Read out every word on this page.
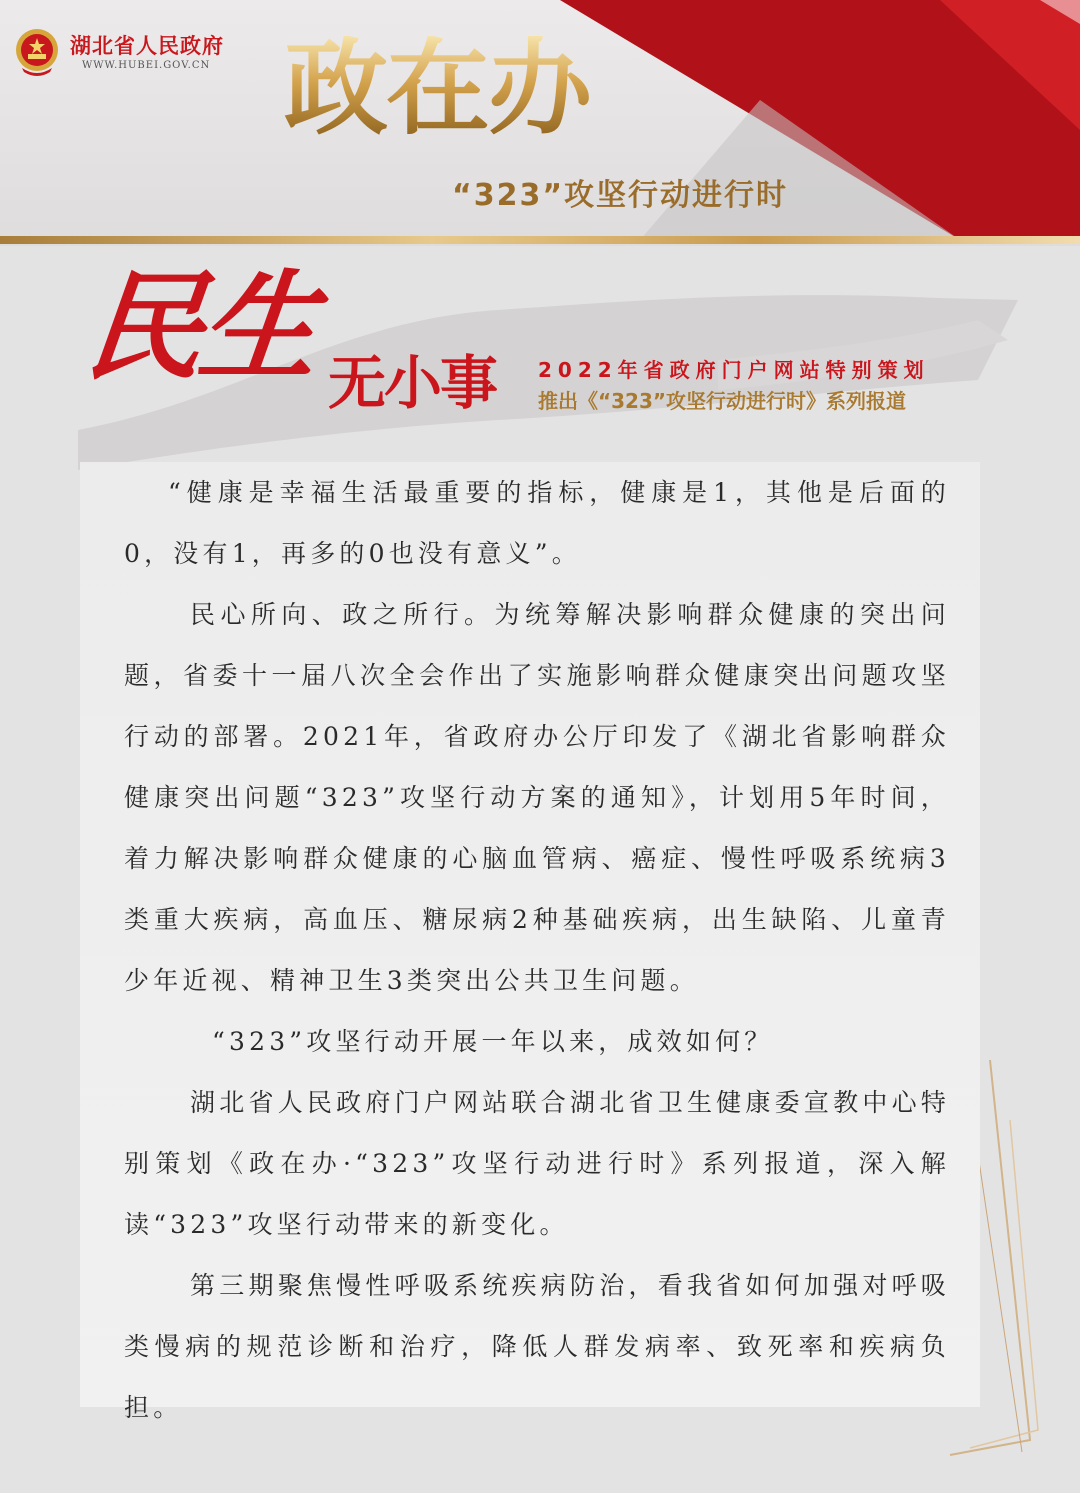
湖北省人民政府
WWW.HUBEI.GOV.CN 政在办
“323”攻坚行动进行时
民生 无小事 2022年省政府门户网站特别策划
推出《“323”攻坚行动进行时》系列报道

“健康是幸福生活最重要的指标，健康是1，其他是后面的0，没有1，再多的0也没有意义”。

民心所向、政之所行。为统筹解决影响群众健康的突出问题，省委十一届八次全会作出了实施影响群众健康突出问题攻坚行动的部署。2021年，省政府办公厅印发了《湖北省影响群众健康突出问题“323”攻坚行动方案的通知》，计划用5年时间，着力解决影响群众健康的心脑血管病、癌症、慢性呼吸系统病3类重大疾病，高血压、糖尿病2种基础疾病，出生缺陷、儿童青少年近视、精神卫生3类突出公共卫生问题。

“323”攻坚行动开展一年以来，成效如何？

湖北省人民政府门户网站联合湖北省卫生健康委宣教中心特别策划《政在办·“323”攻坚行动进行时》系列报道，深入解读“323”攻坚行动带来的新变化。

第三期聚焦慢性呼吸系统疾病防治，看我省如何加强对呼吸类慢病的规范诊断和治疗，降低人群发病率、致死率和疾病负担。
